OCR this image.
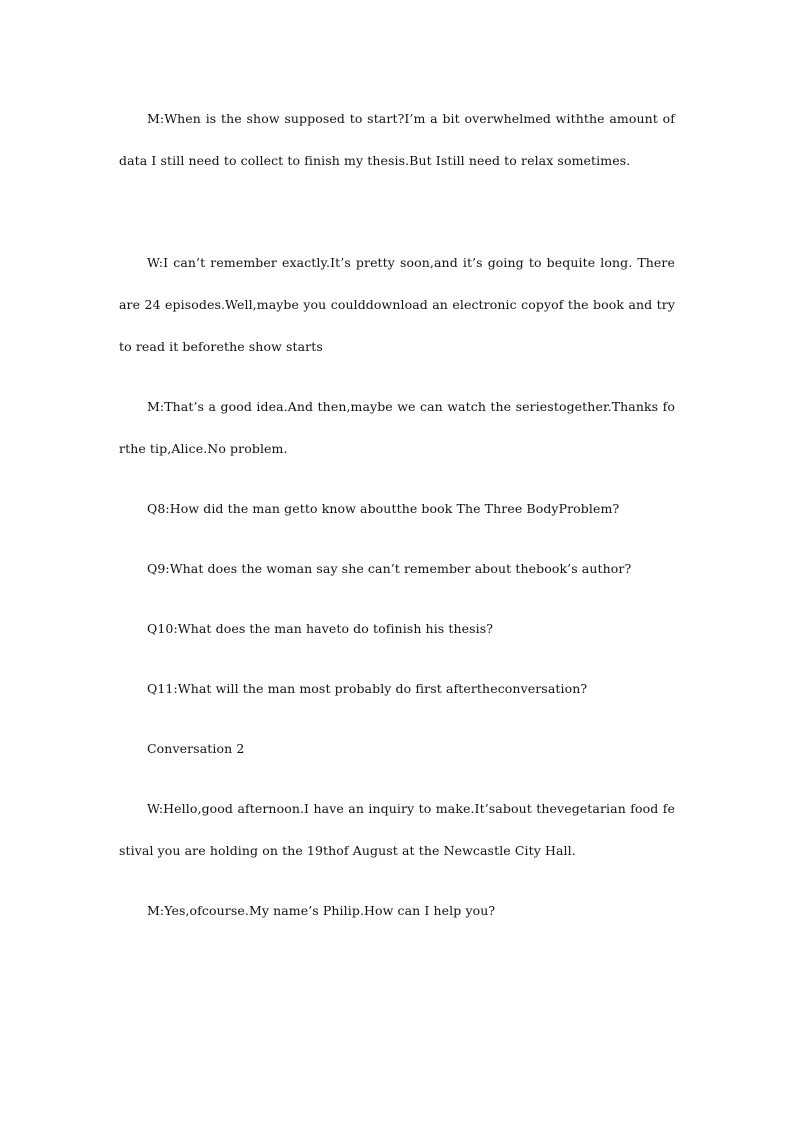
M:When is the show supposed to start?I’m a bit overwhelmed withthe amount of data I still need to collect to finish my thesis.But Istill need to relax sometimes.

W:I can’t remember exactly.It’s pretty soon,and it’s going to bequite long. There are 24 episodes.Well,maybe you coulddownload an electronic copyof the book and try to read it beforethe show starts

M:That’s a good idea.And then,maybe we can watch the seriestogether.Thanks forthe tip,Alice.No problem.

Q8:How did the man getto know aboutthe book The Three BodyProblem?

Q9:What does the woman say she can’t remember about thebook’s author?

Q10:What does the man haveto do tofinish his thesis?

Q11:What will the man most probably do first aftertheconversation?

Conversation 2

W:Hello,good afternoon.I have an inquiry to make.It’sabout thevegetarian food festival you are holding on the 19thof August at the Newcastle City Hall.

M:Yes,ofcourse.My name’s Philip.How can I help you?
